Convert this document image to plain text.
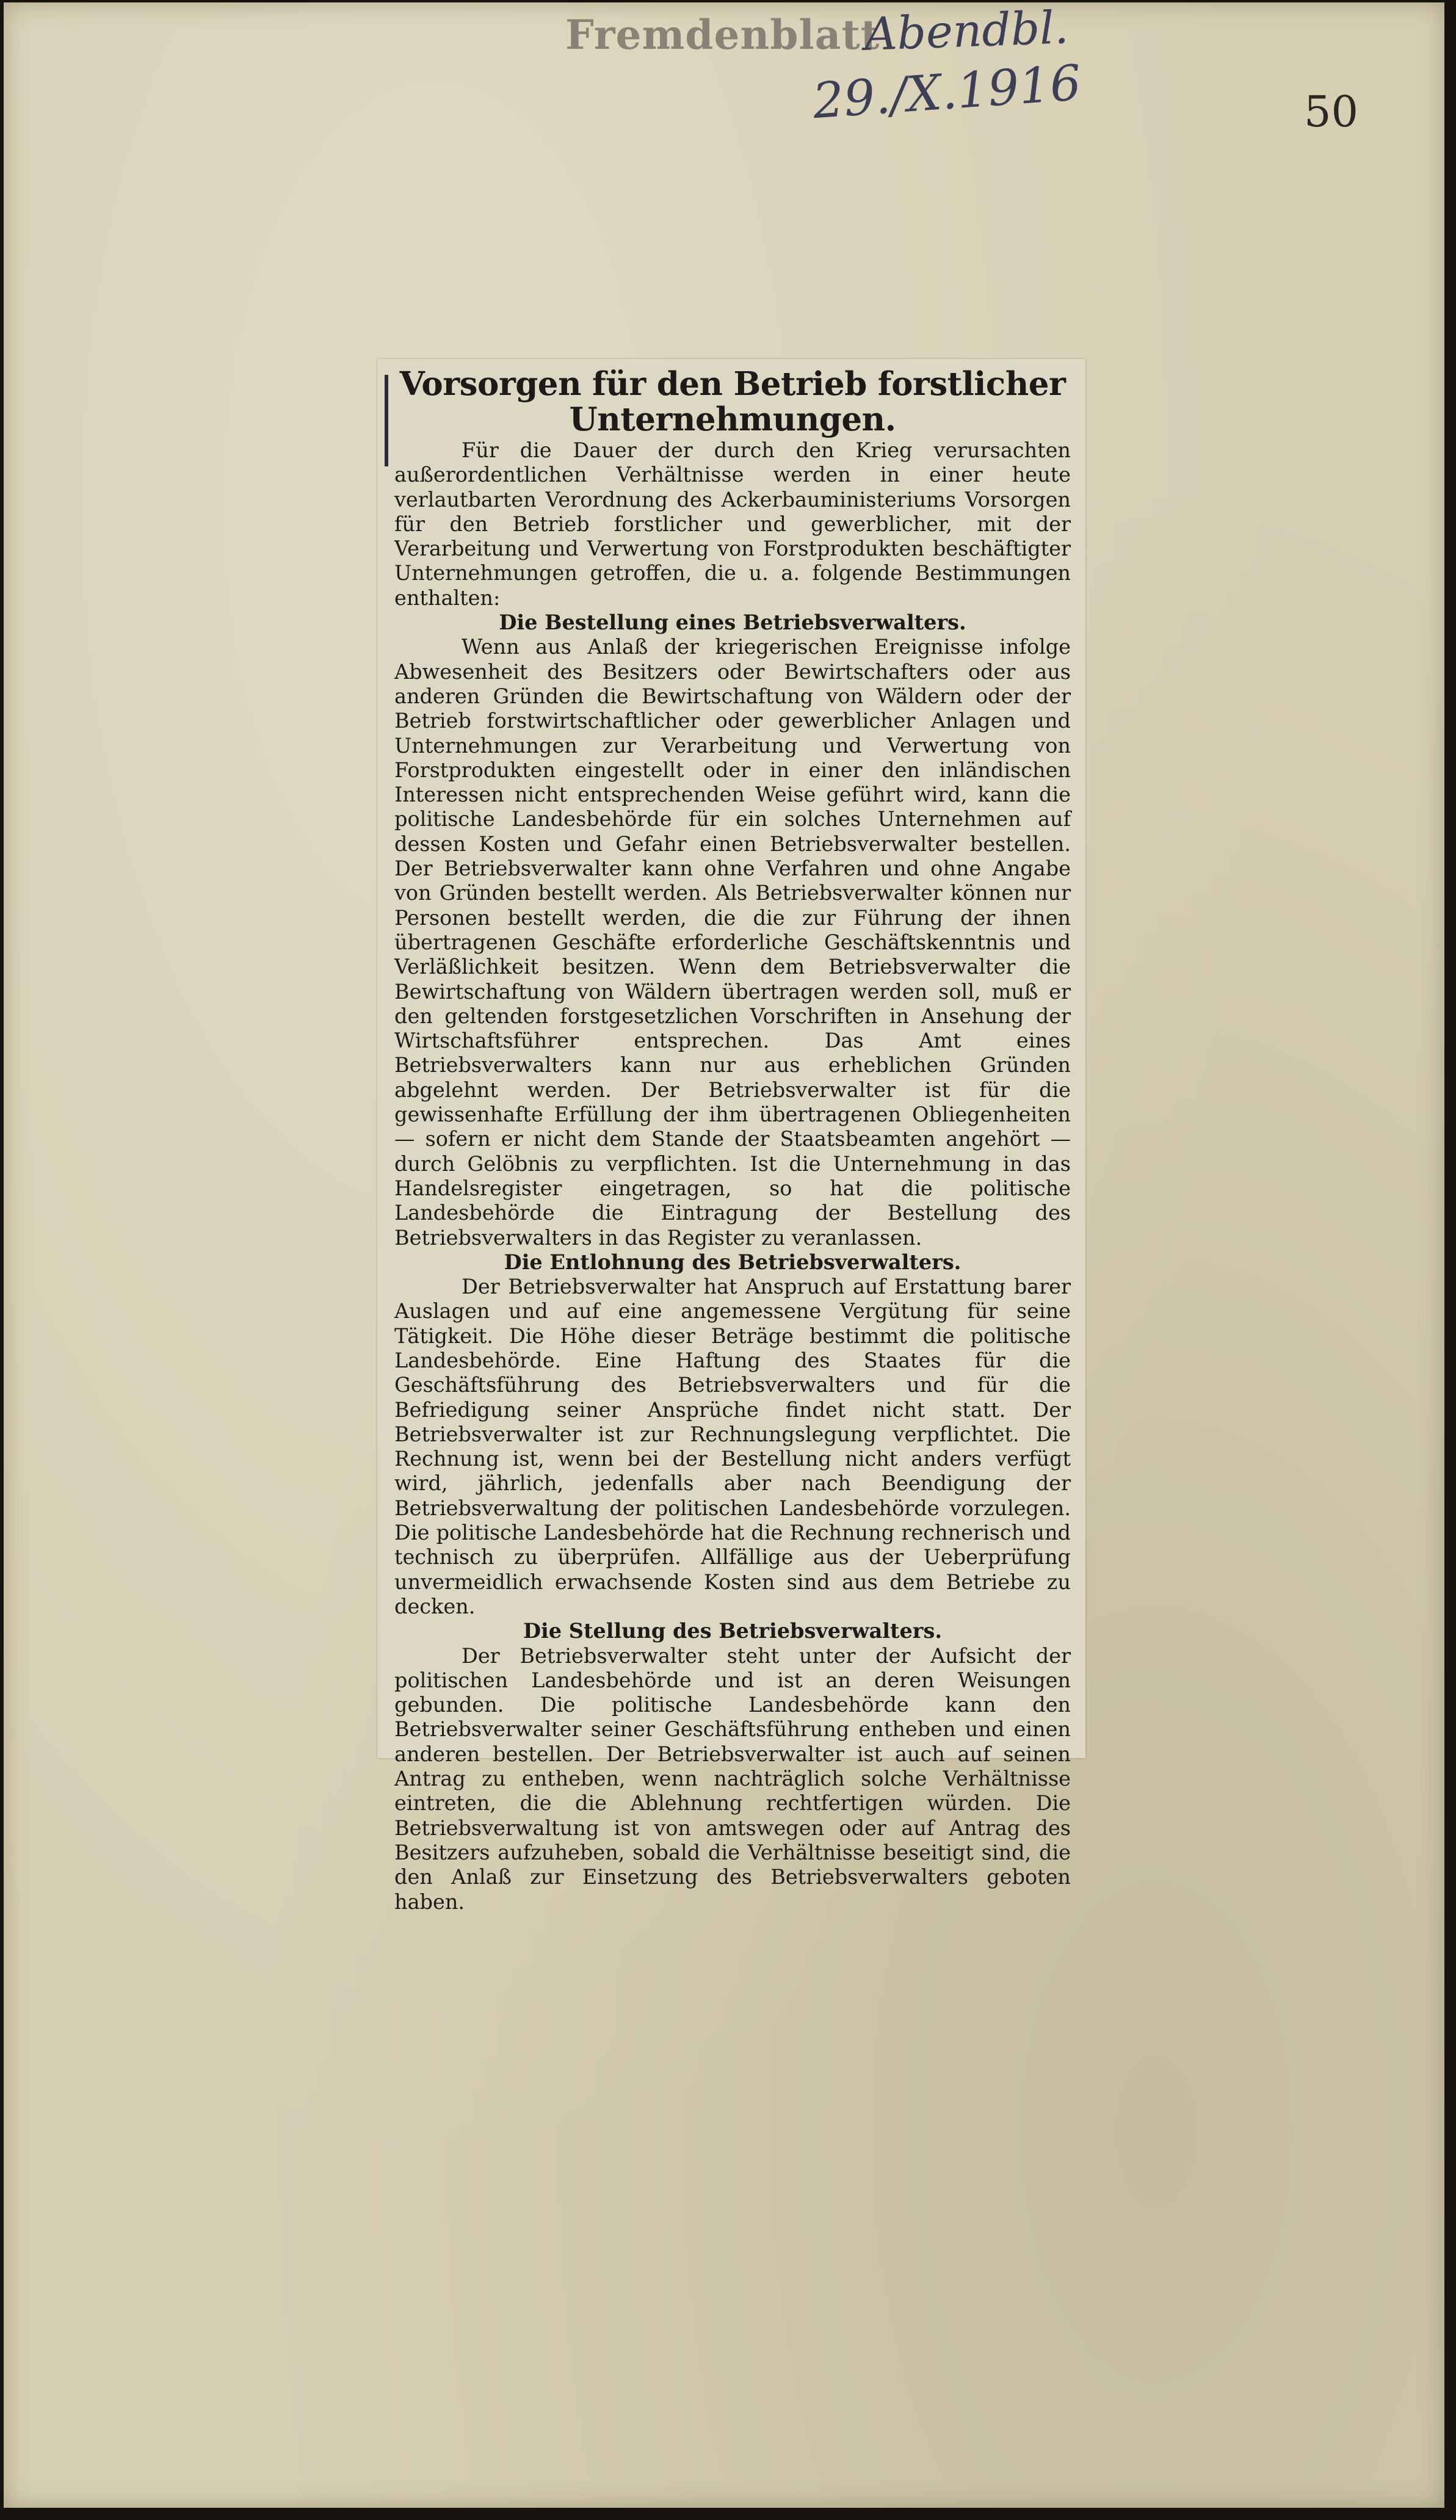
Fremdenblatt
Abendbl.
29./X.1916	50
Vorsorgen für den Betrieb forstlicher Unternehmungen.

Für die Dauer der durch den Krieg verursachten außerordentlichen Verhältnisse werden in einer heute verlautbarten Verordnung des Ackerbauministeriums Vorsorgen für den Betrieb forstlicher und gewerblicher, mit der Verarbeitung und Verwertung von Forstprodukten beschäftigter Unternehmungen getroffen, die u. a. folgende Bestimmungen enthalten:

Die Bestellung eines Betriebsverwalters.

Wenn aus Anlaß der kriegerischen Ereignisse infolge Abwesenheit des Besitzers oder Bewirtschafters oder aus anderen Gründen die Bewirtschaftung von Wäldern oder der Betrieb forstwirtschaftlicher oder gewerblicher Anlagen und Unternehmungen zur Verarbeitung und Verwertung von Forstprodukten eingestellt oder in einer den inländischen Interessen nicht entsprechenden Weise geführt wird, kann die politische Landesbehörde für ein solches Unternehmen auf dessen Kosten und Gefahr einen Betriebsverwalter bestellen. Der Betriebsverwalter kann ohne Verfahren und ohne Angabe von Gründen bestellt werden. Als Betriebsverwalter können nur Personen bestellt werden, die die zur Führung der ihnen übertragenen Geschäfte erforderliche Geschäftskenntnis und Verläßlichkeit besitzen. Wenn dem Betriebsverwalter die Bewirtschaftung von Wäldern übertragen werden soll, muß er den geltenden forstgesetzlichen Vorschriften in Ansehung der Wirtschaftsführer entsprechen. Das Amt eines Betriebsverwalters kann nur aus erheblichen Gründen abgelehnt werden. Der Betriebsverwalter ist für die gewissenhafte Erfüllung der ihm übertragenen Obliegenheiten — sofern er nicht dem Stande der Staatsbeamten angehört — durch Gelöbnis zu verpflichten. Ist die Unternehmung in das Handelsregister eingetragen, so hat die politische Landesbehörde die Eintragung der Bestellung des Betriebsverwalters in das Register zu veranlassen.

Die Entlohnung des Betriebsverwalters.

Der Betriebsverwalter hat Anspruch auf Erstattung barer Auslagen und auf eine angemessene Vergütung für seine Tätigkeit. Die Höhe dieser Beträge bestimmt die politische Landesbehörde. Eine Haftung des Staates für die Geschäftsführung des Betriebsverwalters und für die Befriedigung seiner Ansprüche findet nicht statt. Der Betriebsverwalter ist zur Rechnungslegung verpflichtet. Die Rechnung ist, wenn bei der Bestellung nicht anders verfügt wird, jährlich, jedenfalls aber nach Beendigung der Betriebsverwaltung der politischen Landesbehörde vorzulegen. Die politische Landesbehörde hat die Rechnung rechnerisch und technisch zu überprüfen. Allfällige aus der Ueberprüfung unvermeidlich erwachsende Kosten sind aus dem Betriebe zu decken.

Die Stellung des Betriebsverwalters.

Der Betriebsverwalter steht unter der Aufsicht der politischen Landesbehörde und ist an deren Weisungen gebunden. Die politische Landesbehörde kann den Betriebsverwalter seiner Geschäftsführung entheben und einen anderen bestellen. Der Betriebsverwalter ist auch auf seinen Antrag zu entheben, wenn nachträglich solche Verhältnisse eintreten, die die Ablehnung rechtfertigen würden. Die Betriebsverwaltung ist von amtswegen oder auf Antrag des Besitzers aufzuheben, sobald die Verhältnisse beseitigt sind, die den Anlaß zur Einsetzung des Betriebsverwalters geboten haben.
